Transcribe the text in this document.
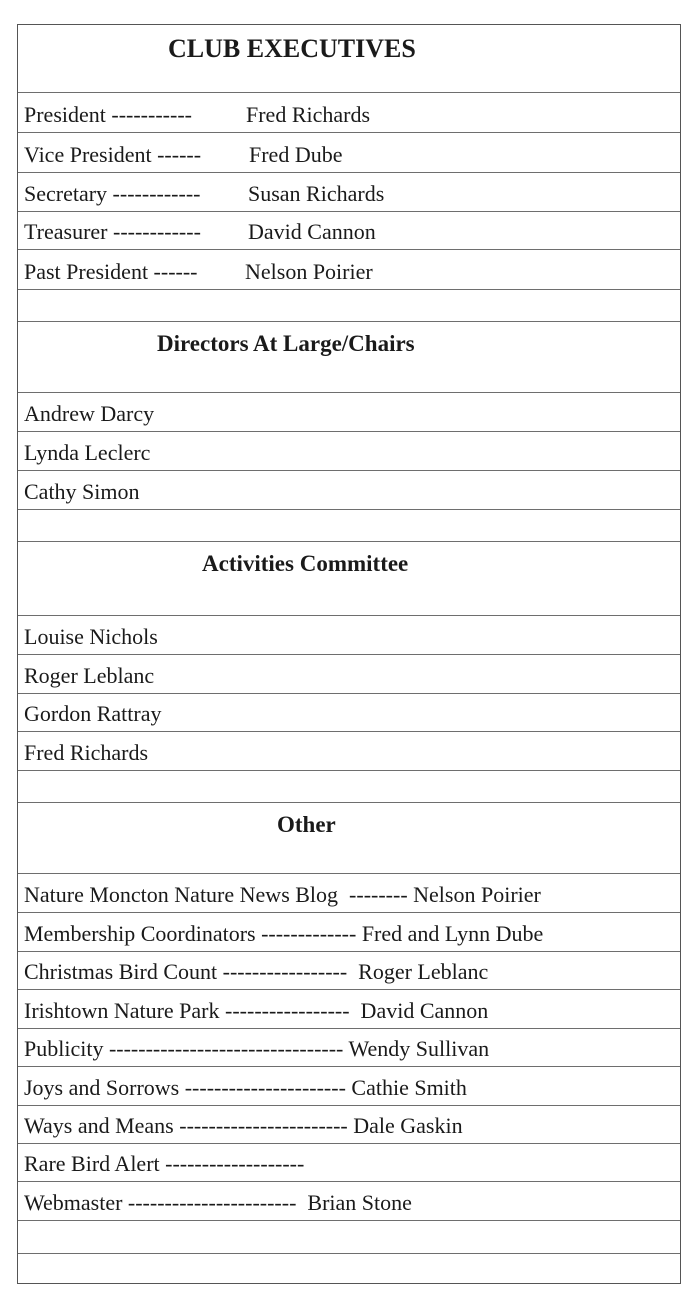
CLUB EXECUTIVES
President ----------- Fred Richards
Vice President ------ Fred Dube
Secretary ------------ Susan Richards
Treasurer ------------ David Cannon
Past President ------ Nelson Poirier
Directors At Large/Chairs
Andrew Darcy
Lynda Leclerc
Cathy Simon
Activities Committee
Louise Nichols
Roger Leblanc
Gordon Rattray
Fred Richards
Other
Nature Moncton Nature News Blog  -------- Nelson Poirier
Membership Coordinators ------------- Fred and Lynn Dube
Christmas Bird Count -----------------  Roger Leblanc
Irishtown Nature Park -----------------  David Cannon
Publicity -------------------------------- Wendy Sullivan
Joys and Sorrows ---------------------- Cathie Smith
Ways and Means ----------------------- Dale Gaskin
Rare Bird Alert -------------------
Webmaster -----------------------  Brian Stone
